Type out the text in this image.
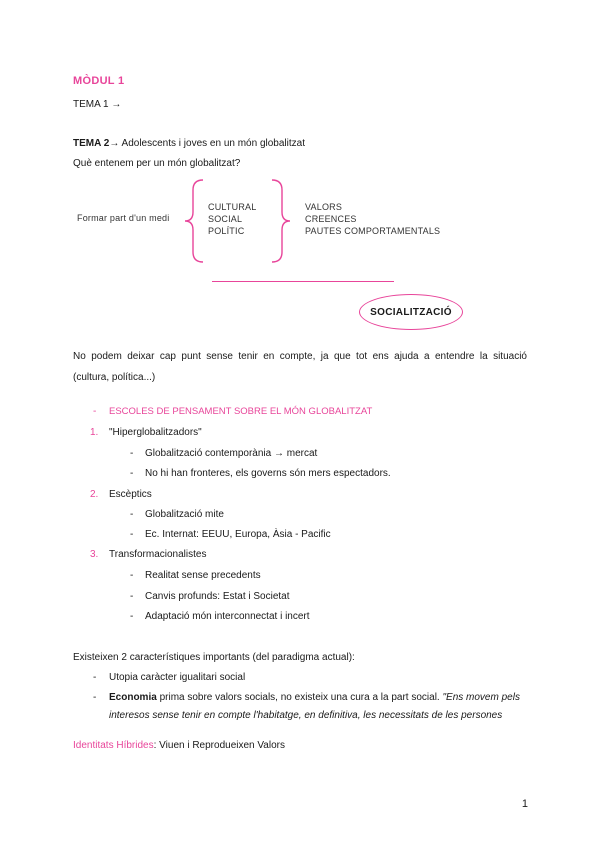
MÒDUL 1
TEMA 1 →
TEMA 2→ Adolescents i joves en un món globalitzat
Què entenem per un món globalitzat?
Formar part d'un medi
CULTURAL
SOCIAL
POLÍTIC
VALORS
CREENCES
PAUTES COMPORTAMENTALS
SOCIALITZACIÓ
No podem deixar cap punt sense tenir en compte, ja que tot ens ajuda a entendre la situació
(cultura, política...)
- ESCOLES DE PENSAMENT SOBRE EL MÓN GLOBALITZAT
1. "Hiperglobalitzadors"
- Globalització contemporània → mercat
- No hi han fronteres, els governs són mers espectadors.
2. Escèptics
- Globalització mite
- Ec. Internat: EEUU, Europa, Àsia - Pacific
3. Transformacionalistes
- Realitat sense precedents
- Canvis profunds: Estat i Societat
- Adaptació món interconnectat i incert
Existeixen 2 característiques importants (del paradigma actual):
- Utopia caràcter igualitari social
- Economia prima sobre valors socials, no existeix una cura a la part social. "Ens movem pels
interesos sense tenir en compte l'habitatge, en definitiva, les necessitats de les persones
Identitats Híbrides: Viuen i Reprodueixen Valors
1
